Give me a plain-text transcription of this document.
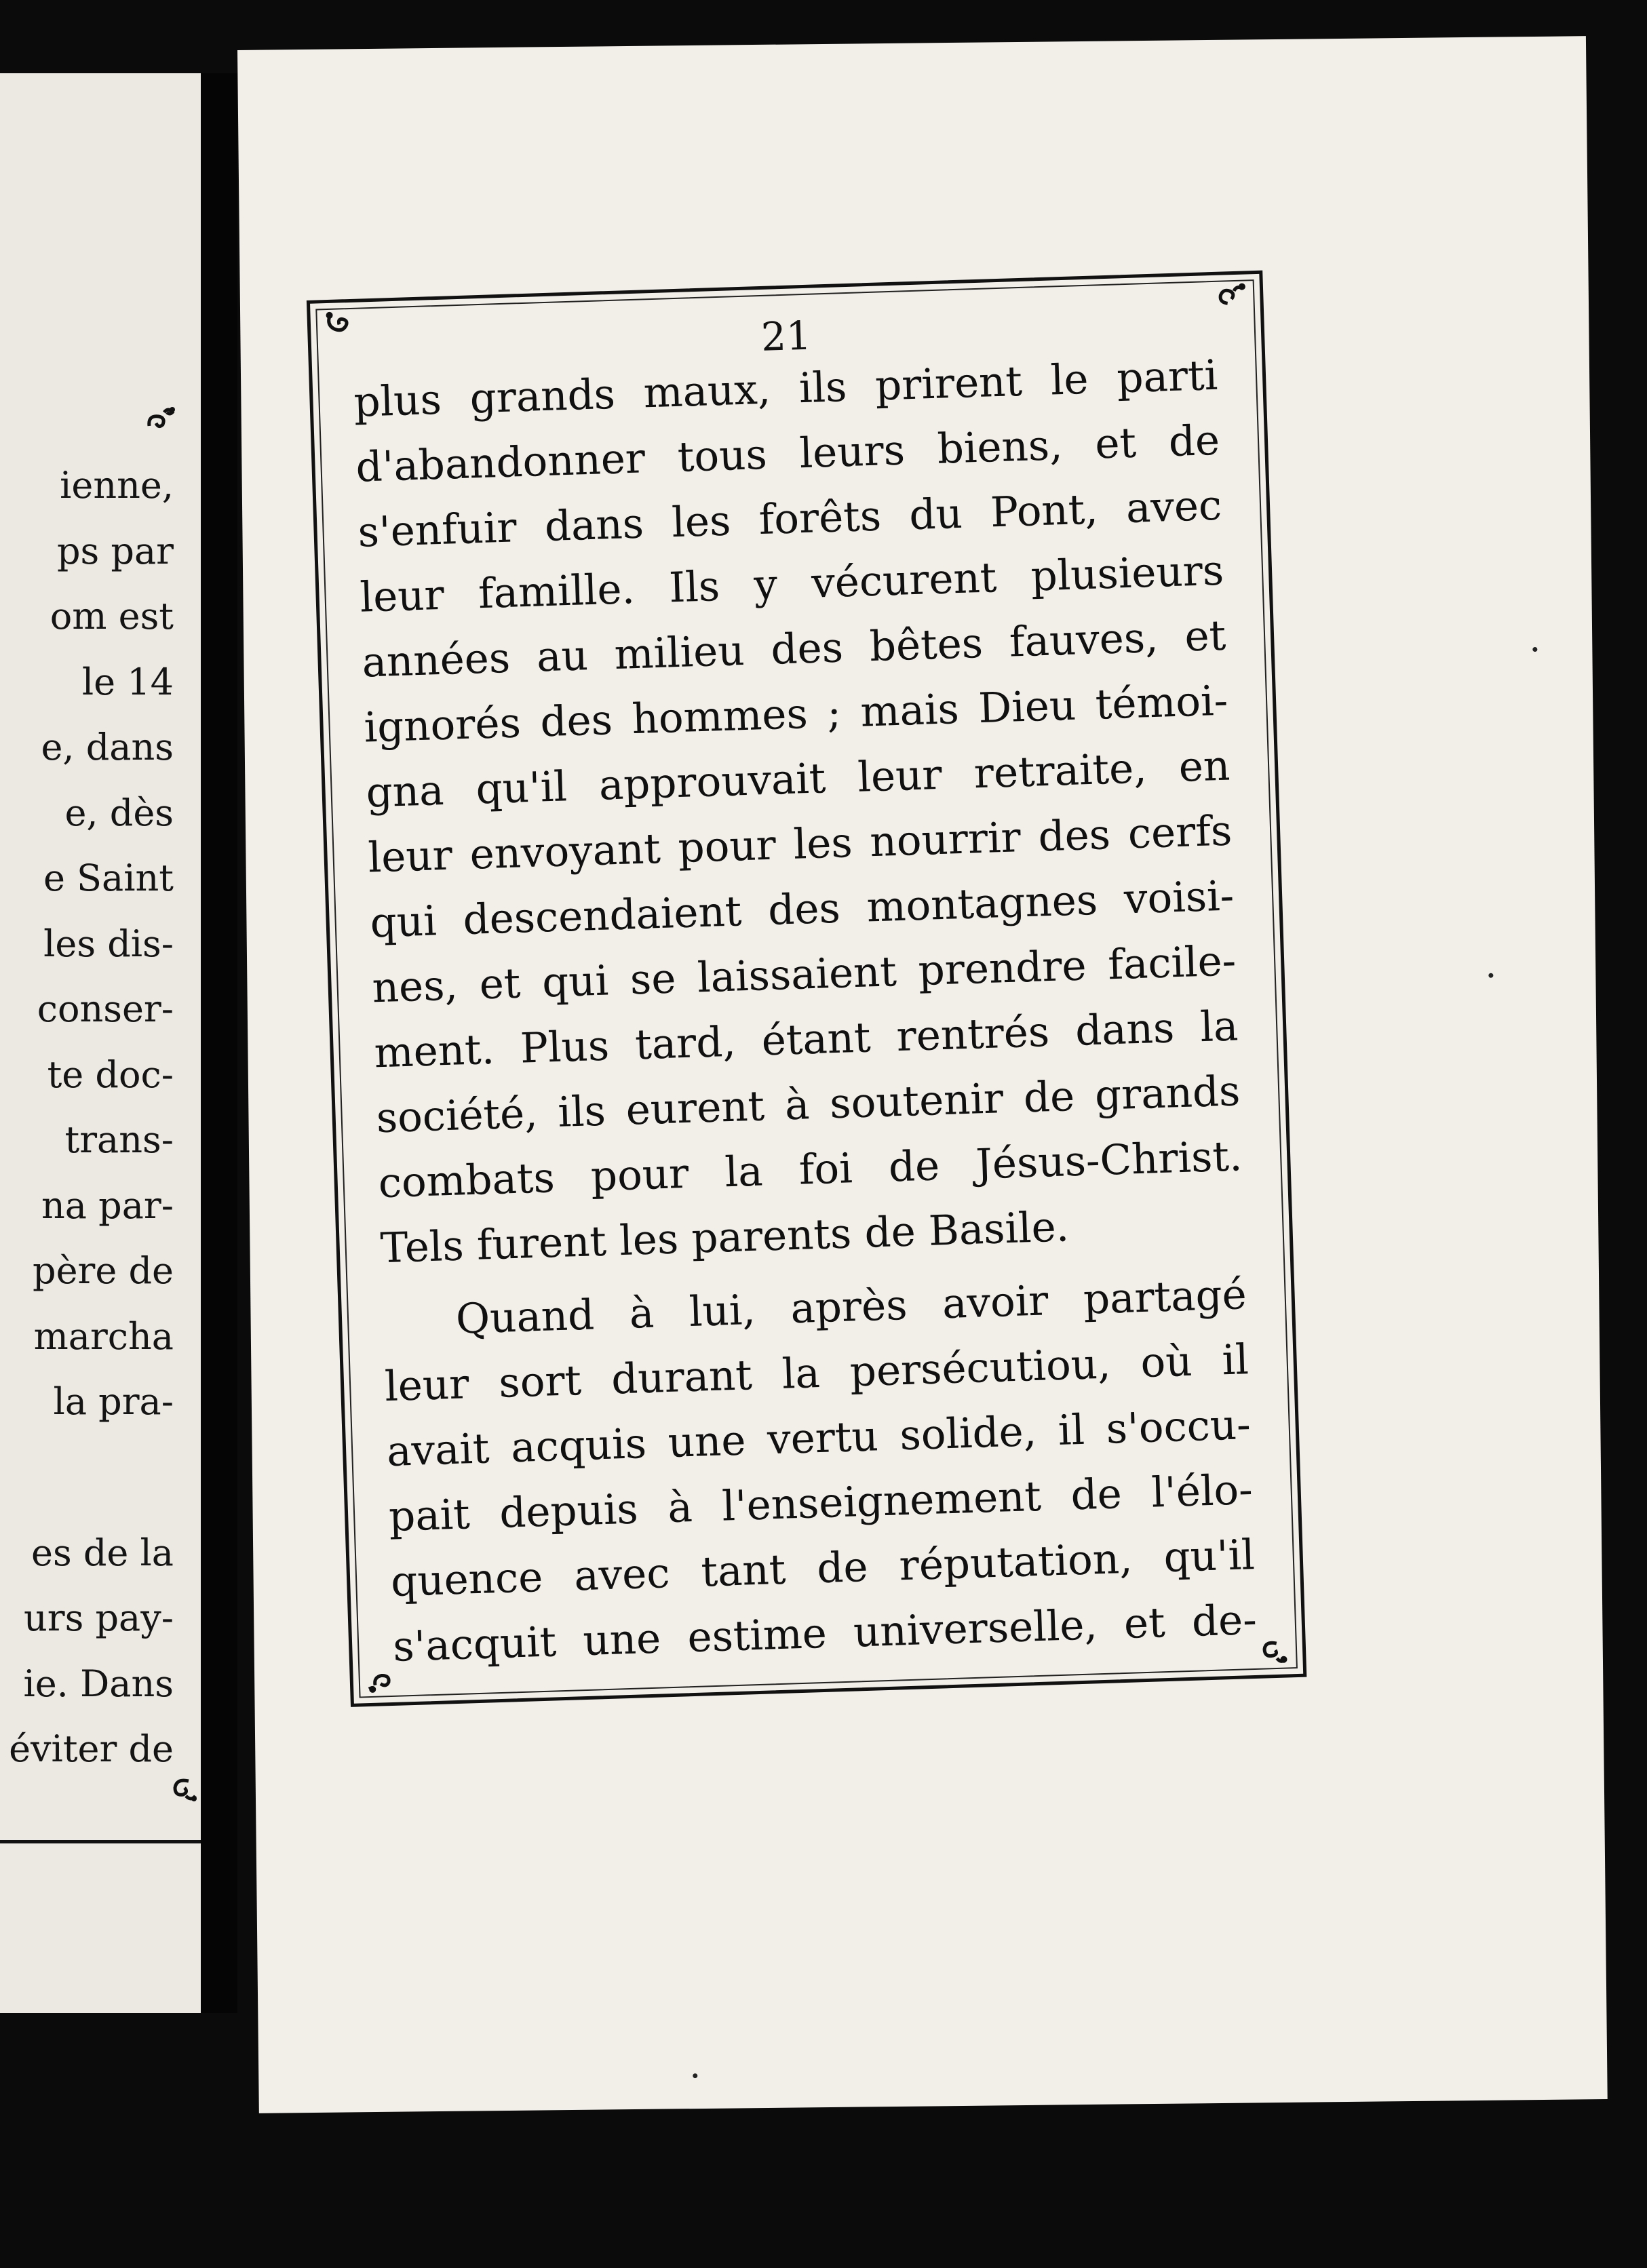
ienne,
ps par
om est
le 14
e, dans
e, dès
e Saint
les dis-
conser-
te doc-
trans-
na par-
père de
marcha
la pra-
es de la
urs pay-
ie. Dans
éviter de
21
plus grands maux, ils prirent le parti
d'abandonner tous leurs biens, et de
s'enfuir dans les forêts du Pont, avec
leur famille. Ils y vécurent plusieurs
années au milieu des bêtes fauves, et
ignorés des hommes ; mais Dieu témoi-
gna qu'il approuvait leur retraite, en
leur envoyant pour les nourrir des cerfs
qui descendaient des montagnes voisi-
nes, et qui se laissaient prendre facile-
ment. Plus tard, étant rentrés dans la
société, ils eurent à soutenir de grands
combats pour la foi de Jésus-Christ.
Tels furent les parents de Basile.
Quand à lui, après avoir partagé
leur sort durant la persécutiou, où il
avait acquis une vertu solide, il s'occu-
pait depuis à l'enseignement de l'élo-
quence avec tant de réputation, qu'il
s'acquit une estime universelle, et de-
